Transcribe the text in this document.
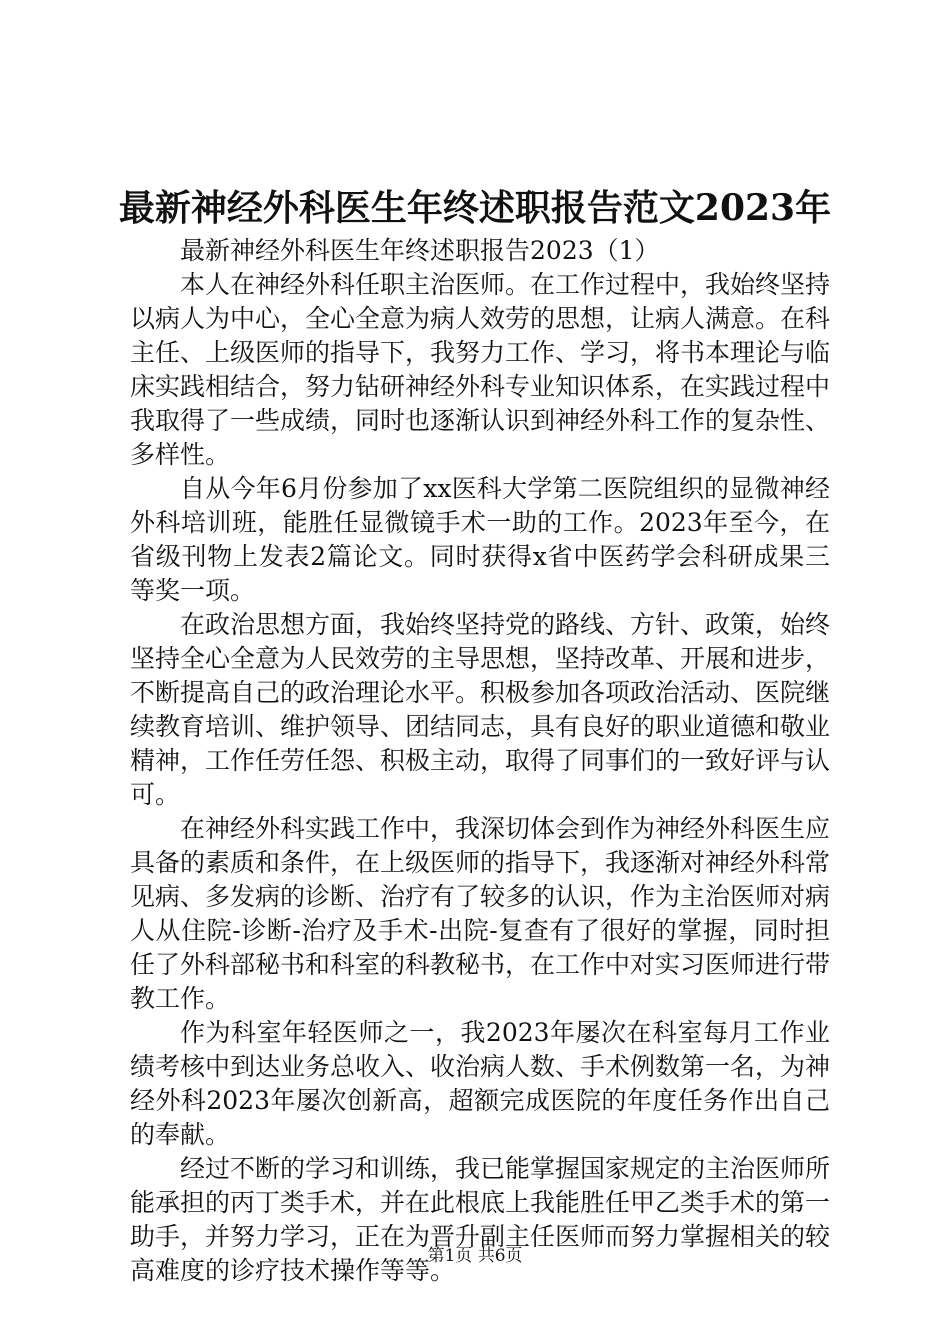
最新神经外科医生年终述职报告范文2023年

最新神经外科医生年终述职报告2023（1）

本人在神经外科任职主治医师。在工作过程中，我始终坚持以病人为中心，全心全意为病人效劳的思想，让病人满意。在科主任、上级医师的指导下，我努力工作、学习，将书本理论与临床实践相结合，努力钻研神经外科专业知识体系，在实践过程中我取得了一些成绩，同时也逐渐认识到神经外科工作的复杂性、多样性。

自从今年6月份参加了xx医科大学第二医院组织的显微神经外科培训班，能胜任显微镜手术一助的工作。2023年至今，在省级刊物上发表2篇论文。同时获得x省中医药学会科研成果三等奖一项。

在政治思想方面，我始终坚持党的路线、方针、政策，始终坚持全心全意为人民效劳的主导思想，坚持改革、开展和进步，不断提高自己的政治理论水平。积极参加各项政治活动、医院继续教育培训、维护领导、团结同志，具有良好的职业道德和敬业精神，工作任劳任怨、积极主动，取得了同事们的一致好评与认可。

在神经外科实践工作中，我深切体会到作为神经外科医生应具备的素质和条件，在上级医师的指导下，我逐渐对神经外科常见病、多发病的诊断、治疗有了较多的认识，作为主治医师对病人从住院-诊断-治疗及手术-出院-复查有了很好的掌握，同时担任了外科部秘书和科室的科教秘书，在工作中对实习医师进行带教工作。

作为科室年轻医师之一，我2023年屡次在科室每月工作业绩考核中到达业务总收入、收治病人数、手术例数第一名，为神经外科2023年屡次创新高，超额完成医院的年度任务作出自己的奉献。

经过不断的学习和训练，我已能掌握国家规定的主治医师所能承担的丙丁类手术，并在此根底上我能胜任甲乙类手术的第一助手，并努力学习，正在为晋升副主任医师而努力掌握相关的较高难度的诊疗技术操作等等。

第1页 共6页
